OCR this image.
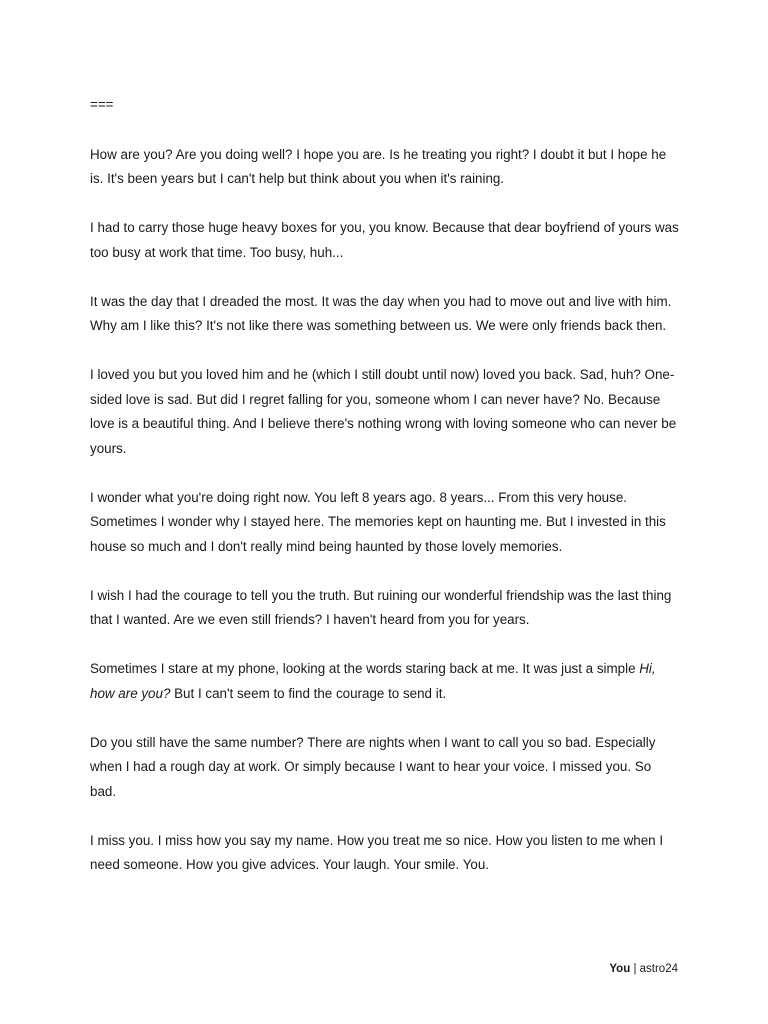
===

How are you? Are you doing well? I hope you are. Is he treating you right? I doubt it but I hope he is. It's been years but I can't help but think about you when it's raining.

I had to carry those huge heavy boxes for you, you know. Because that dear boyfriend of yours was too busy at work that time. Too busy, huh...

It was the day that I dreaded the most. It was the day when you had to move out and live with him. Why am I like this? It's not like there was something between us. We were only friends back then.

I loved you but you loved him and he (which I still doubt until now) loved you back. Sad, huh? One-sided love is sad. But did I regret falling for you, someone whom I can never have? No. Because love is a beautiful thing. And I believe there's nothing wrong with loving someone who can never be yours.

I wonder what you're doing right now. You left 8 years ago. 8 years... From this very house. Sometimes I wonder why I stayed here. The memories kept on haunting me. But I invested in this house so much and I don't really mind being haunted by those lovely memories.

I wish I had the courage to tell you the truth. But ruining our wonderful friendship was the last thing that I wanted. Are we even still friends? I haven't heard from you for years.

Sometimes I stare at my phone, looking at the words staring back at me. It was just a simple Hi, how are you? But I can't seem to find the courage to send it.

Do you still have the same number? There are nights when I want to call you so bad. Especially when I had a rough day at work. Or simply because I want to hear your voice. I missed you. So bad.

I miss you. I miss how you say my name. How you treat me so nice. How you listen to me when I need someone. How you give advices. Your laugh. Your smile. You.

You | astro24
